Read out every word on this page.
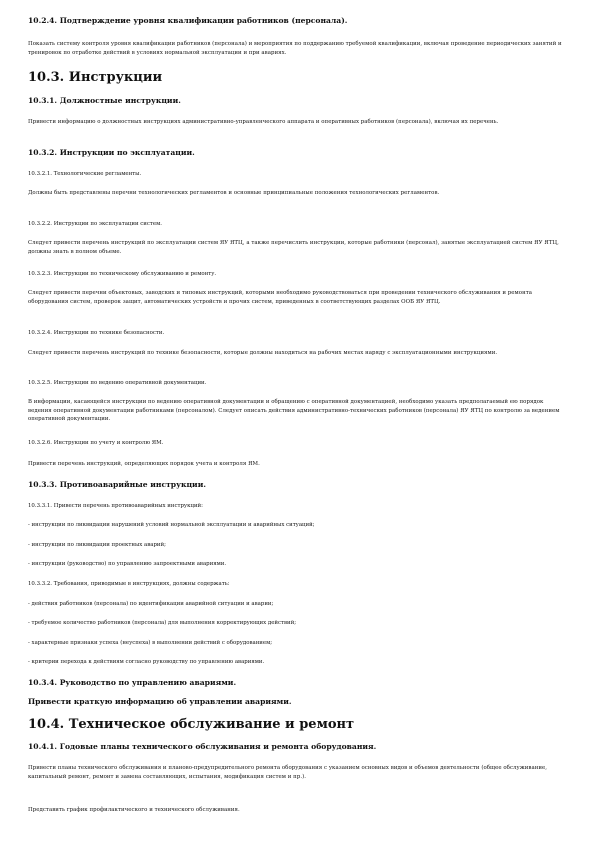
10.2.4. Подтверждение уровня квалификации работников (персонала).

Показать систему контроля уровня квалификации работников (персонала) и мероприятия по поддержанию требуемой квалификации, включая проведение периодических занятий и тренировок по отработке действий в условиях нормальной эксплуатации и при авариях.

10.3. Инструкции
10.3.1. Должностные инструкции.

Привести информацию о должностных инструкциях административно-управленческого аппарата и оперативных работников (персонала), включая их перечень.

10.3.2. Инструкции по эксплуатации.

10.3.2.1. Технологические регламенты.

Должны быть представлены перечни технологических регламентов и основные принципиальные положения технологических регламентов.

10.3.2.2. Инструкции по эксплуатации систем.

Следует привести перечень инструкций по эксплуатации систем ЯУ ЯТЦ, а также перечислить инструкции, которые работники (персонал), занятые эксплуатацией систем ЯУ ЯТЦ, должны знать в полном объеме.

10.3.2.3. Инструкции по техническому обслуживанию и ремонту.

Следует привести перечни объектовых, заводских и типовых инструкций, которыми необходимо руководствоваться при проведении технического обслуживания и ремонта оборудования систем, проверок защит, автоматических устройств и прочих систем, приведенных в соответствующих разделах ООБ ЯУ ЯТЦ.

10.3.2.4. Инструкции по технике безопасности.

Следует привести перечень инструкций по технике безопасности, которые должны находиться на рабочих местах наряду с эксплуатационными инструкциями.

10.3.2.5. Инструкции по ведению оперативной документации.

В информации, касающейся инструкции по ведению оперативной документации и обращению с оперативной документацией, необходимо указать предполагаемый ею порядок ведения оперативной документации работниками (персоналом). Следует описать действия административно-технических работников (персонала) ЯУ ЯТЦ по контролю за ведением оперативной документации.

10.3.2.6. Инструкции по учету и контролю ЯМ.

Привести перечень инструкций, определяющих порядок учета и контроля ЯМ.

10.3.3. Противоаварийные инструкции.

10.3.3.1. Привести перечень противоаварийных инструкций:

- инструкции по ликвидации нарушений условий нормальной эксплуатации и аварийных ситуаций;

- инструкции по ликвидации проектных аварий;

- инструкции (руководство) по управлению запроектными авариями.

10.3.3.2. Требования, приводимые в инструкциях, должны содержать:

- действия работников (персонала) по идентификации аварийной ситуации и аварии;

- требуемое количество работников (персонала) для выполнения корректирующих действий;

- характерные признаки успеха (неуспеха) в выполнении действий с оборудованием;

- критерии перехода к действиям согласно руководству по управлению авариями.

10.3.4. Руководство по управлению авариями.

Привести краткую информацию об управлении авариями.

10.4. Техническое обслуживание и ремонт
10.4.1. Годовые планы технического обслуживания и ремонта оборудования.

Привести планы технического обслуживания и планово-предупредительного ремонта оборудования с указанием основных видов и объемов деятельности (общее обслуживание, капитальный ремонт, ремонт и замена составляющих, испытания, модификация систем и пр.).

Представить график профилактического и технического обслуживания.
